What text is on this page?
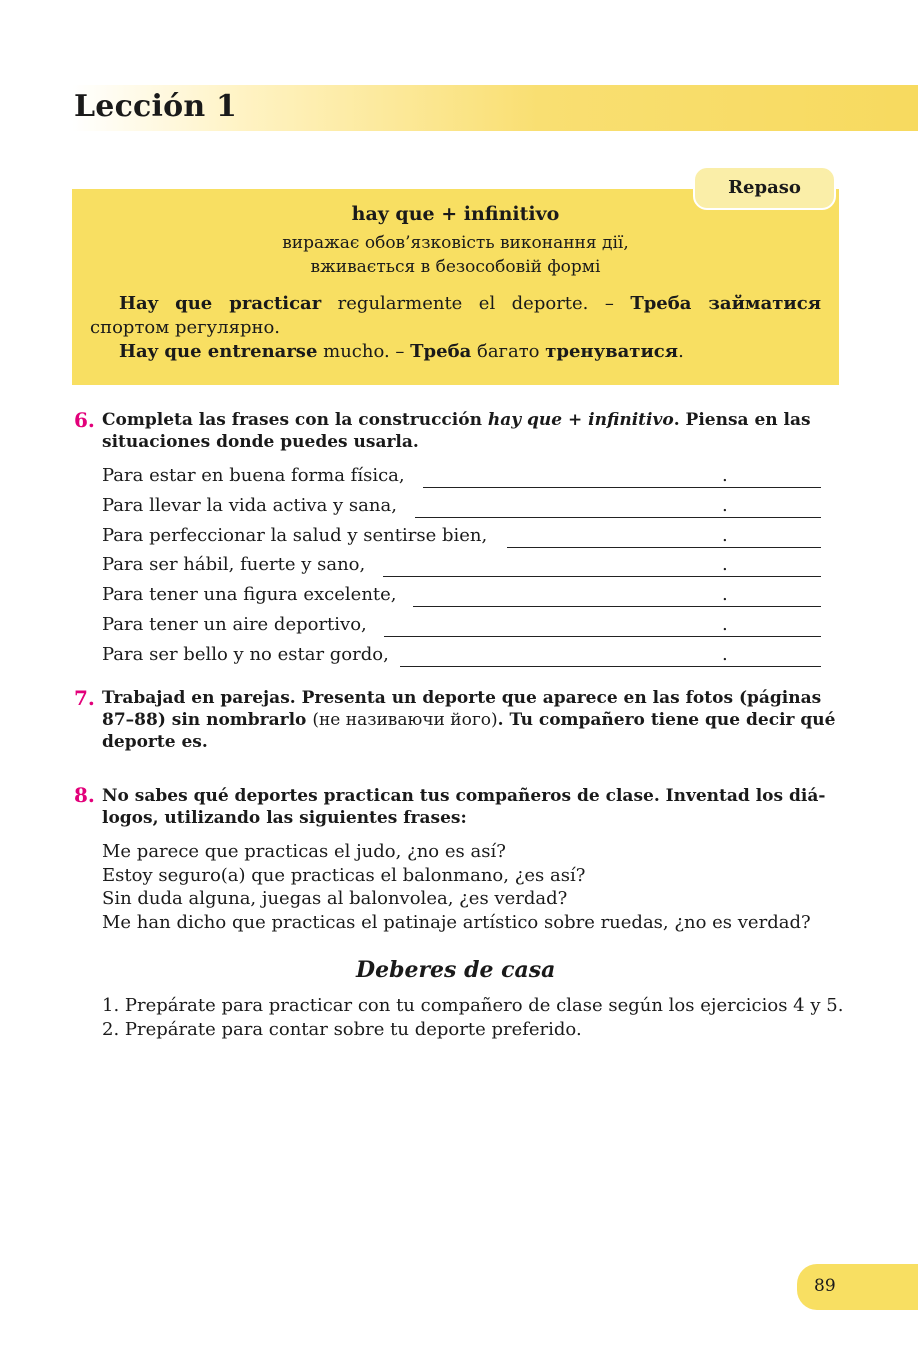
Lección 1
Repaso
hay que + infinitivo
виражає обов’язковість виконання дії,
вживається в безособовій формі
Hay que practicar regularmente el deporte. – Треба займатися
спортом регулярно.
Hay que entrenarse mucho. – Треба багато тренуватися.
6. Completa las frases con la construcción hay que + infinitivo. Piensa en las
situaciones donde puedes usarla.
Para estar en buena forma física,	.
Para llevar la vida activa y sana,	.
Para perfeccionar la salud y sentirse bien,	.
Para ser hábil, fuerte y sano,	.
Para tener una figura excelente,	.
Para tener un aire deportivo,	.
Para ser bello y no estar gordo,	.
7. Trabajad en parejas. Presenta un deporte que aparece en las fotos (páginas
87–88) sin nombrarlo (не називаючи його). Tu compañero tiene que decir qué
deporte es.
8. No sabes qué deportes practican tus compañeros de clase. Inventad los diá-
logos, utilizando las siguientes frases:
Me parece que practicas el judo, ¿no es así?
Estoy seguro(a) que practicas el balonmano, ¿es así?
Sin duda alguna, juegas al balonvolea, ¿es verdad?
Me han dicho que practicas el patinaje artístico sobre ruedas, ¿no es verdad?
Deberes de casa
1. Prepárate para practicar con tu compañero de clase según los ejercicios 4 y 5.
2. Prepárate para contar sobre tu deporte preferido.
89
